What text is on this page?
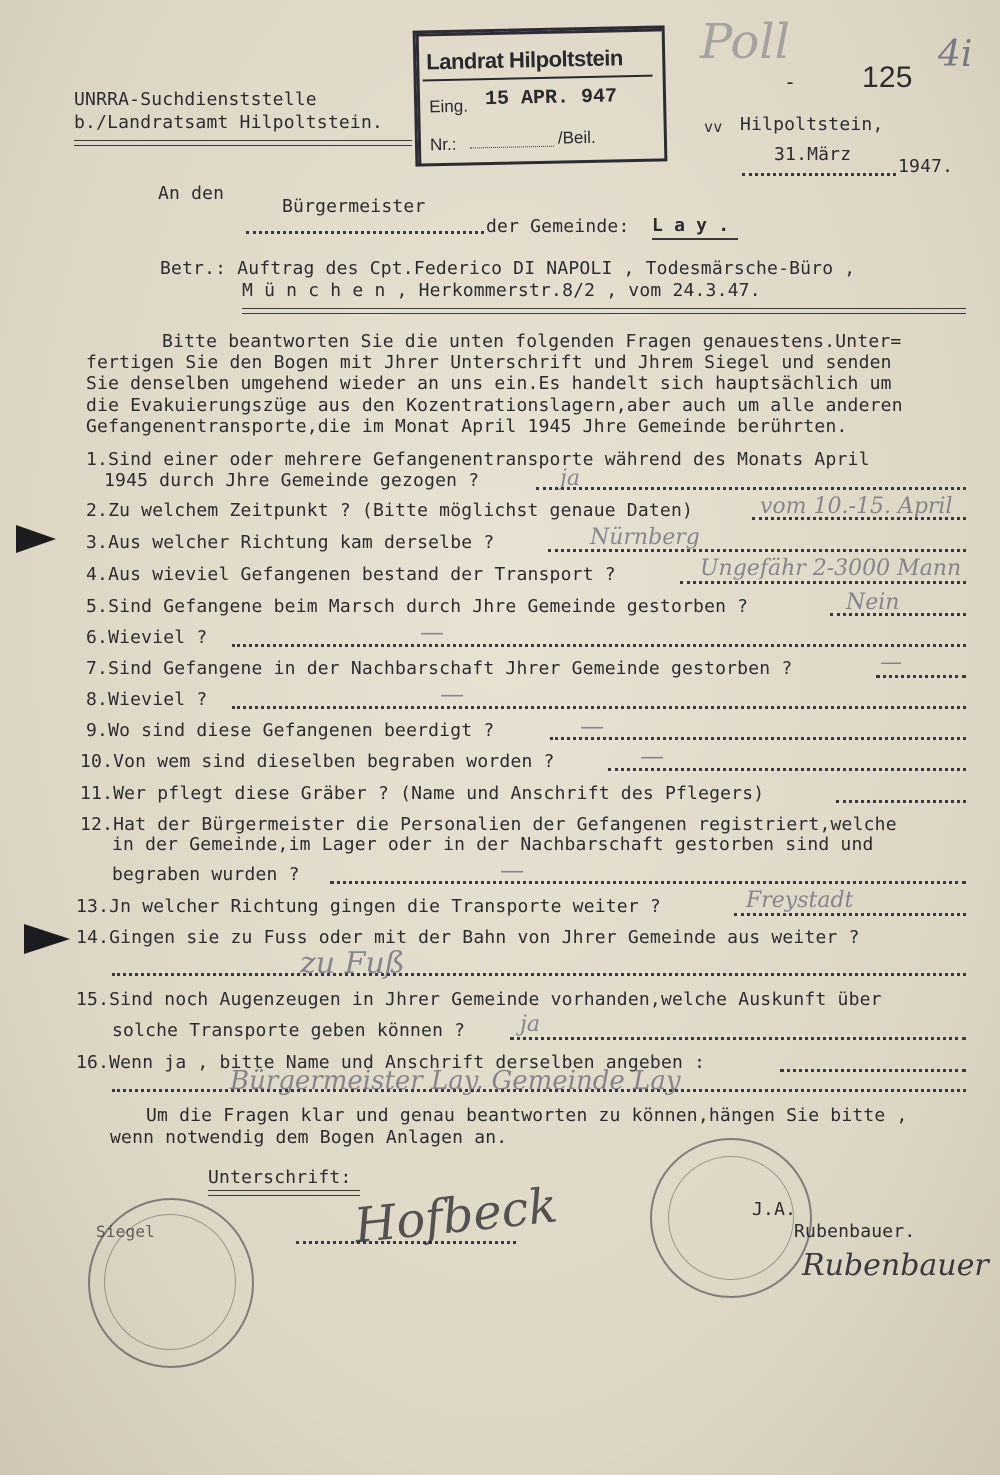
UNRRA-Suchdienststelle
b./Landratsamt Hilpoltstein.
Landrat Hilpoltstein
Eing. 15 APR. 947
Nr.:	/Beil.
Poll
- 125
4i
vv Hilpoltstein,
31.März
1947.
An den
Bürgermeister
der Gemeinde: L a y .
Betr.: Auftrag des Cpt.Federico DI NAPOLI , Todesmärsche-Büro ,
M ü n c h e n , Herkommerstr.8/2 , vom 24.3.47.
Bitte beantworten Sie die unten folgenden Fragen genauestens.Unter=
fertigen Sie den Bogen mit Jhrer Unterschrift und Jhrem Siegel und senden
Sie denselben umgehend wieder an uns ein.Es handelt sich hauptsächlich um
die Evakuierungszüge aus den Kozentrationslagern,aber auch um alle anderen
Gefangenentransporte,die im Monat April 1945 Jhre Gemeinde berührten.
1.Sind einer oder mehrere Gefangenentransporte während des Monats April
1945 durch Jhre Gemeinde gezogen ?	ja
2.Zu welchem Zeitpunkt ? (Bitte möglichst genaue Daten)	vom 10.-15. April
3.Aus welcher Richtung kam derselbe ?	Nürnberg
4.Aus wieviel Gefangenen bestand der Transport ?	Ungefähr 2-3000 Mann
5.Sind Gefangene beim Marsch durch Jhre Gemeinde gestorben ?	Nein
6.Wieviel ?	—
7.Sind Gefangene in der Nachbarschaft Jhrer Gemeinde gestorben ?	—
8.Wieviel ?	—
9.Wo sind diese Gefangenen beerdigt ?	—
10.Von wem sind dieselben begraben worden ?	—
11.Wer pflegt diese Gräber ? (Name und Anschrift des Pflegers)
12.Hat der Bürgermeister die Personalien der Gefangenen registriert,welche
in der Gemeinde,im Lager oder in der Nachbarschaft gestorben sind und
begraben wurden ?	—
13.Jn welcher Richtung gingen die Transporte weiter ?	Freystadt
14.Gingen sie zu Fuss oder mit der Bahn von Jhrer Gemeinde aus weiter ?
zu Fuß
15.Sind noch Augenzeugen in Jhrer Gemeinde vorhanden,welche Auskunft über
solche Transporte geben können ? ja
16.Wenn ja , bitte Name und Anschrift derselben angeben :
Bürgermeister Lay, Gemeinde Lay
Um die Fragen klar und genau beantworten zu können,hängen Sie bitte ,
wenn notwendig dem Bogen Anlagen an.
Unterschrift:
Siegel	Hofbeck	J.A.
Rubenbauer.
Rubenbauer
